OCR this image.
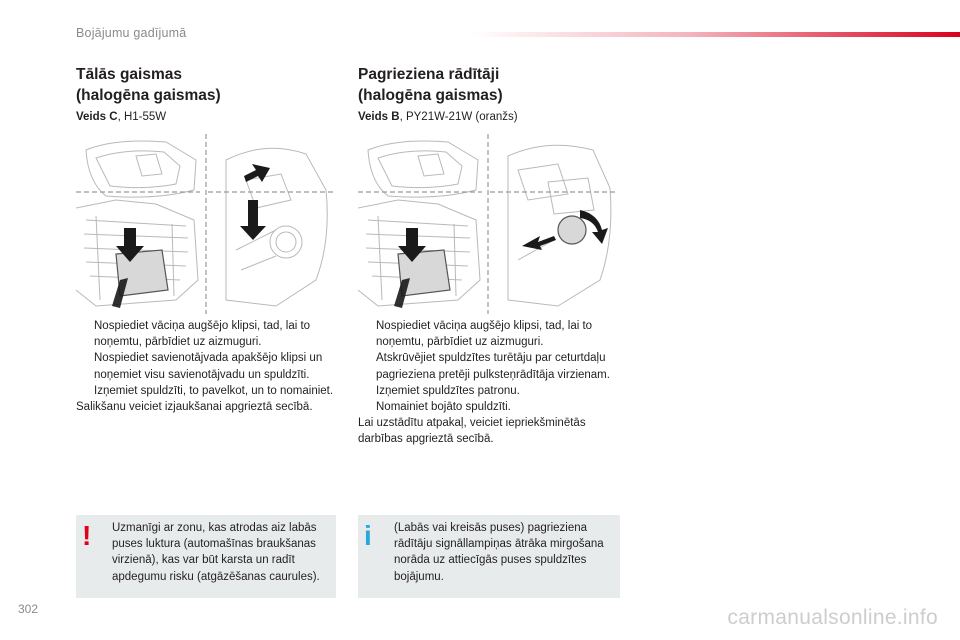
Bojājumu gadījumā
Tālās gaismas
(halogēna gaismas)
Veids C, H1-55W
Nospiediet vāciņa augšējo klipsi, tad, lai to noņemtu, pārbīdiet uz aizmuguri.
Nospiediet savienotājvada apakšējo klipsi un noņemiet visu savienotājvadu un spuldzīti.
Izņemiet spuldzīti, to pavelkot, un to nomainiet.

Salikšanu veiciet izjaukšanai apgrieztā secībā.

Pagrieziena rādītāji
(halogēna gaismas)
Veids B, PY21W-21W (oranžs)
Nospiediet vāciņa augšējo klipsi, tad, lai to noņemtu, pārbīdiet uz aizmuguri.
Atskrūvējiet spuldzītes turētāju par ceturtdaļu pagrieziena pretēji pulksteņrādītāja virzienam.
Izņemiet spuldzītes patronu.
Nomainiet bojāto spuldzīti.

Lai uzstādītu atpakaļ, veiciet iepriekšminētās darbības apgrieztā secībā.

! Uzmanīgi ar zonu, kas atrodas aiz labās puses luktura (automašīnas braukšanas virzienā), kas var būt karsta un radīt apdegumu risku (atgāzēšanas caurules).
i (Labās vai kreisās puses) pagrieziena rādītāju signāllampiņas ātrāka mirgošana norāda uz attiecīgās puses spuldzītes bojājumu.
302	carmanualsonline.info
